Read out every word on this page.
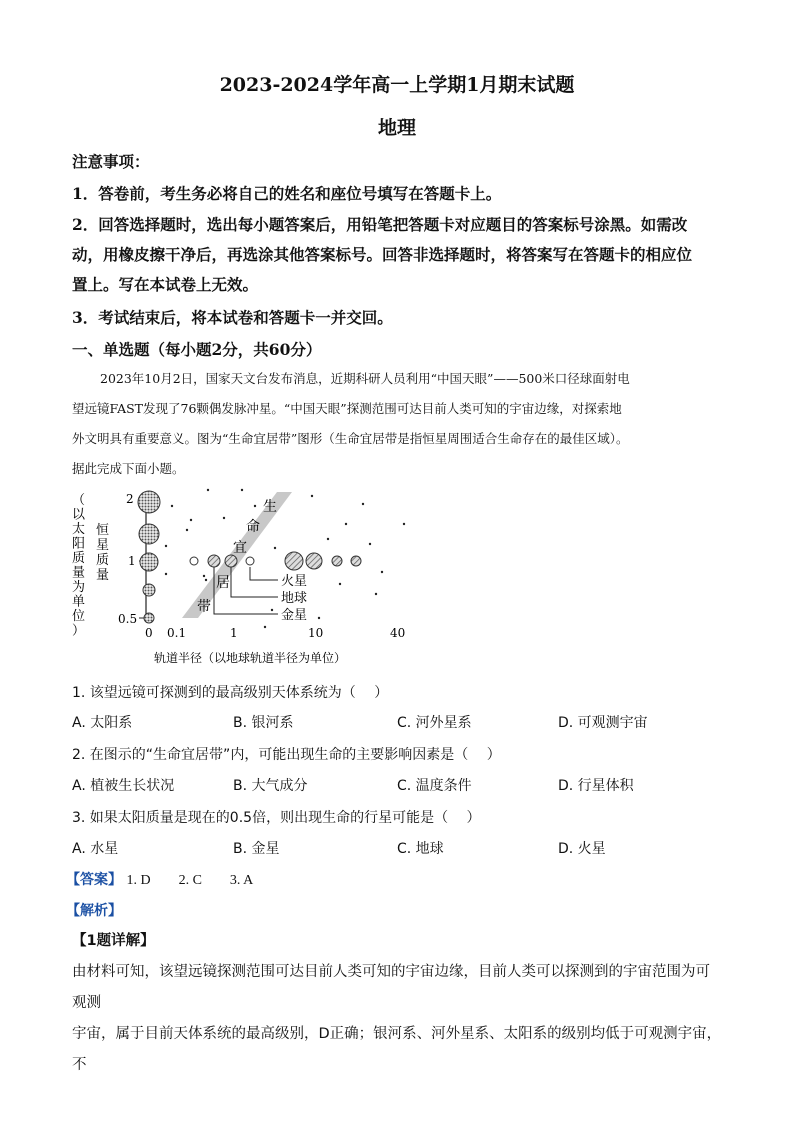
2023-2024学年高一上学期1月期末试题
地理
注意事项：
1．答卷前，考生务必将自己的姓名和座位号填写在答题卡上。
2．回答选择题时，选出每小题答案后，用铅笔把答题卡对应题目的答案标号涂黑。如需改
动，用橡皮擦干净后，再选涂其他答案标号。回答非选择题时，将答案写在答题卡的相应位
置上。写在本试卷上无效。
3．考试结束后，将本试卷和答题卡一并交回。
一、单选题（每小题2分，共60分）

2023年10月2日，国家天文台发布消息，近期科研人员利用“中国天眼”——500米口径球面射电

望远镜FAST发现了76颗偶发脉冲星。“中国天眼”探测范围可达目前人类可知的宇宙边缘，对探索地

外文明具有重要意义。图为“生命宜居带”图形（生命宜居带是指恒星周围适合生命存在的最佳区域）。

据此完成下面小题。

（以太阳质量为单位）
恒星质量
2
1
0.5
0 0.1	1	10	40
轨道半径（以地球轨道半径为单位）
生
命
宜
居
带
火星
地球
金星
1. 该望远镜可探测到的最高级别天体系统为（　 ）
A. 太阳系	B. 银河系	C. 河外星系	D. 可观测宇宙
2. 在图示的“生命宜居带”内，可能出现生命的主要影响因素是（　 ）
A. 植被生长状况	B. 大气成分	C. 温度条件	D. 行星体积
3. 如果太阳质量是现在的0.5倍，则出现生命的行星可能是（　 ）
A. 水星	B. 金星	C. 地球	D. 火星
【答案】 1. D　　2. C　　3. A
【解析】
【1题详解】
由材料可知，该望远镜探测范围可达目前人类可知的宇宙边缘，目前人类可以探测到的宇宙范围为可观测
宇宙，属于目前天体系统的最高级别，D正确；银河系、河外星系、太阳系的级别均低于可观测宇宙，不
